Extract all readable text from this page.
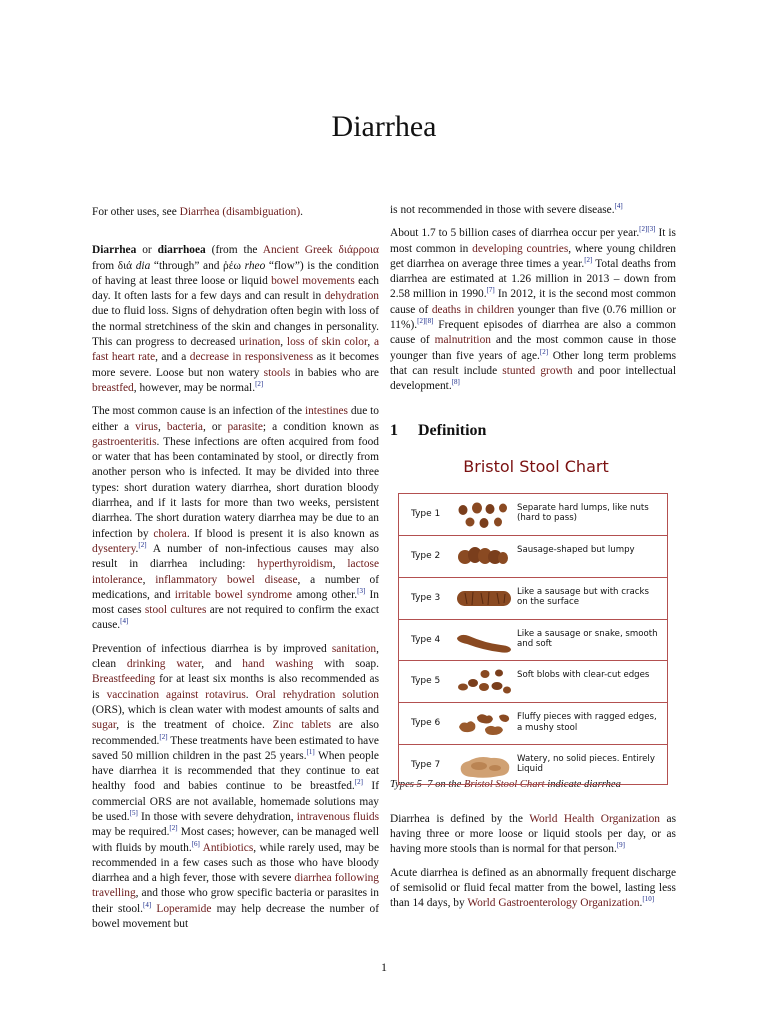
Diarrhea

For other uses, see Diarrhea (disambiguation).

Diarrhea or diarrhoea (from the Ancient Greek διάρροια from διά dia “through” and ῥέω rheo “flow”) is the condition of having at least three loose or liquid bowel movements each day. It often lasts for a few days and can result in dehydration due to fluid loss. Signs of dehydration often begin with loss of the normal stretchiness of the skin and changes in personality. This can progress to decreased urination, loss of skin color, a fast heart rate, and a decrease in responsiveness as it becomes more severe. Loose but non watery stools in babies who are breastfed, however, may be normal.[2]

The most common cause is an infection of the intestines due to either a virus, bacteria, or parasite; a condition known as gastroenteritis. These infections are often acquired from food or water that has been contaminated by stool, or directly from another person who is infected. It may be divided into three types: short duration watery diarrhea, short duration bloody diarrhea, and if it lasts for more than two weeks, persistent diarrhea. The short duration watery diarrhea may be due to an infection by cholera. If blood is present it is also known as dysentery.[2] A number of non-infectious causes may also result in diarrhea including: hyperthyroidism, lactose intolerance, inflammatory bowel disease, a number of medications, and irritable bowel syndrome among other.[3] In most cases stool cultures are not required to confirm the exact cause.[4]

Prevention of infectious diarrhea is by improved sanitation, clean drinking water, and hand washing with soap. Breastfeeding for at least six months is also recommended as is vaccination against rotavirus. Oral rehydration solution (ORS), which is clean water with modest amounts of salts and sugar, is the treatment of choice. Zinc tablets are also recommended.[2] These treatments have been estimated to have saved 50 million children in the past 25 years.[1] When people have diarrhea it is recommended that they continue to eat healthy food and babies continue to be breastfed.[2] If commercial ORS are not available, homemade solutions may be used.[5] In those with severe dehydration, intravenous fluids may be required.[2] Most cases; however, can be managed well with fluids by mouth.[6] Antibiotics, while rarely used, may be recommended in a few cases such as those who have bloody diarrhea and a high fever, those with severe diarrhea following travelling, and those who grow specific bacteria or parasites in their stool.[4] Loperamide may help decrease the number of bowel movement but

is not recommended in those with severe disease.[4]

About 1.7 to 5 billion cases of diarrhea occur per year.[2][3] It is most common in developing countries, where young children get diarrhea on average three times a year.[2] Total deaths from diarrhea are estimated at 1.26 million in 2013 – down from 2.58 million in 1990.[7] In 2012, it is the second most common cause of deaths in children younger than five (0.76 million or 11%).[2][8] Frequent episodes of diarrhea are also a common cause of malnutrition and the most common cause in those younger than five years of age.[2] Other long term problems that can result include stunted growth and poor intellectual development.[8]

1 Definition
Bristol Stool Chart
Type 1
Separate hard lumps, like nuts (hard to pass)
Type 2
Sausage-shaped but lumpy
Type 3
Like a sausage but with cracks on the surface
Type 4
Like a sausage or snake, smooth and soft
Type 5
Soft blobs with clear-cut edges
Type 6
Fluffy pieces with ragged edges, a mushy stool
Type 7
Watery, no solid pieces. Entirely Liquid

Types 5–7 on the Bristol Stool Chart indicate diarrhea

Diarrhea is defined by the World Health Organization as having three or more loose or liquid stools per day, or as having more stools than is normal for that person.[9]

Acute diarrhea is defined as an abnormally frequent discharge of semisolid or fluid fecal matter from the bowel, lasting less than 14 days, by World Gastroenterology Organization.[10]

1
